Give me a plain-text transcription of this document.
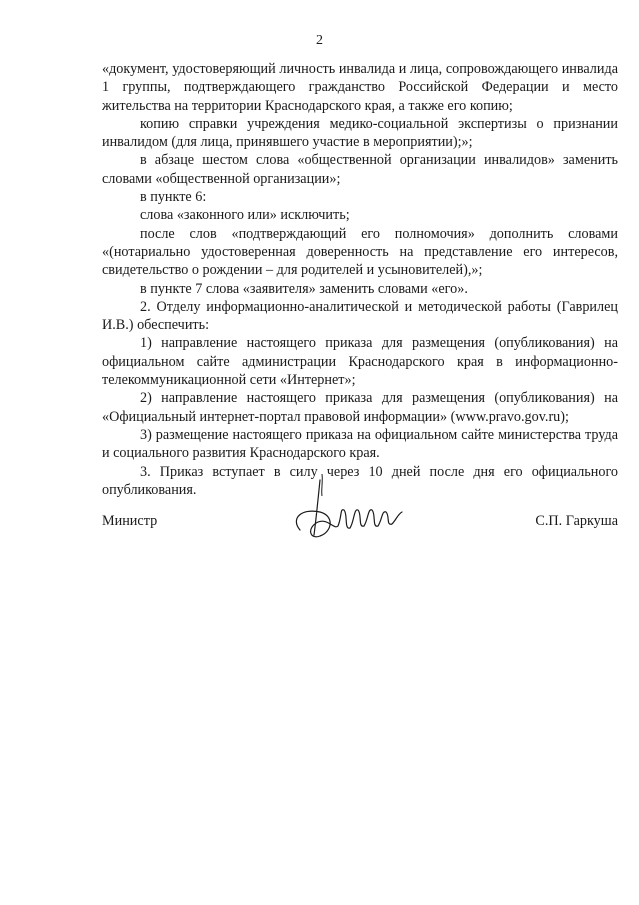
2

«документ, удостоверяющий личность инвалида и лица, сопровождающего инвалида 1 группы, подтверждающего гражданство Российской Федерации и место жительства на территории Краснодарского края, а также его копию;

копию справки учреждения медико-социальной экспертизы о признании инвалидом (для лица, принявшего участие в мероприятии);»;

в абзаце шестом слова «общественной организации инвалидов» заменить словами «общественной организации»;

в пункте 6:

слова «законного или» исключить;

после слов «подтверждающий его полномочия» дополнить словами «(нотариально удостоверенная доверенность на представление его интересов, свидетельство о рождении – для родителей и усыновителей),»;

в пункте 7 слова «заявителя» заменить словами «его».

2. Отделу информационно-аналитической и методической работы (Гаврилец И.В.) обеспечить:

1) направление настоящего приказа для размещения (опубликования) на официальном сайте администрации Краснодарского края в информационно-телекоммуникационной сети «Интернет»;

2) направление настоящего приказа для размещения (опубликования) на «Официальный интернет-портал правовой информации» (www.pravo.gov.ru);

3) размещение настоящего приказа на официальном сайте министерства труда и социального развития Краснодарского края.

3. Приказ вступает в силу через 10 дней после дня его официального опубликования.

Министр	С.П. Гаркуша
